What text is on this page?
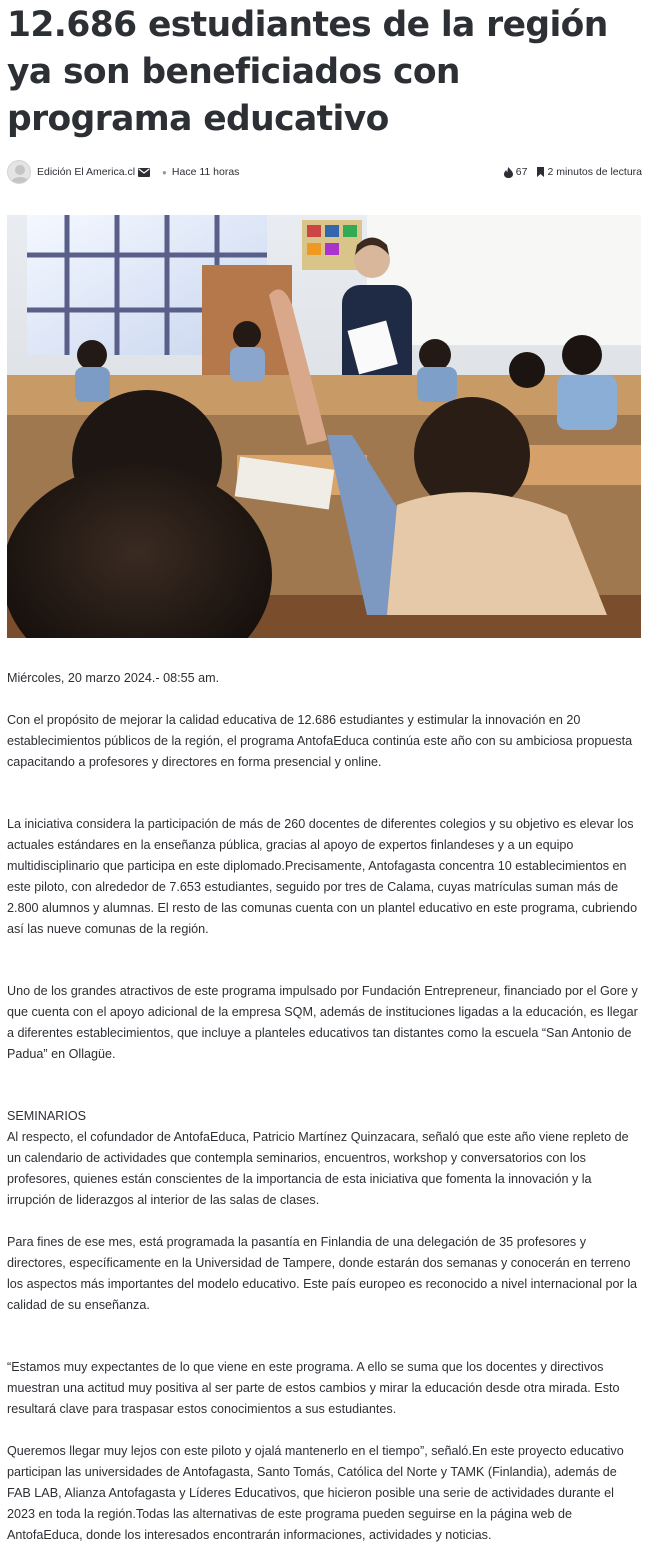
12.686 estudiantes de la región ya son beneficiados con programa educativo
Edición El America.cl	● Hace 11 horas	67 2 minutos de lectura

Miércoles, 20 marzo 2024.- 08:55 am.

Con el propósito de mejorar la calidad educativa de 12.686 estudiantes y estimular la innovación en 20 establecimientos públicos de la región, el programa AntofaEduca continúa este año con su ambiciosa propuesta capacitando a profesores y directores en forma presencial y online.

La iniciativa considera la participación de más de 260 docentes de diferentes colegios y su objetivo es elevar los actuales estándares en la enseñanza pública, gracias al apoyo de expertos finlandeses y a un equipo multidisciplinario que participa en este diplomado.Precisamente, Antofagasta concentra 10 establecimientos en este piloto, con alrededor de 7.653 estudiantes, seguido por tres de Calama, cuyas matrículas suman más de 2.800 alumnos y alumnas. El resto de las comunas cuenta con un plantel educativo en este programa, cubriendo así las nueve comunas de la región.

Uno de los grandes atractivos de este programa impulsado por Fundación Entrepreneur, financiado por el Gore y que cuenta con el apoyo adicional de la empresa SQM, además de instituciones ligadas a la educación, es llegar a diferentes establecimientos, que incluye a planteles educativos tan distantes como la escuela “San Antonio de Padua” en Ollagüe.

SEMINARIOS

Al respecto, el cofundador de AntofaEduca, Patricio Martínez Quinzacara, señaló que este año viene repleto de un calendario de actividades que contempla seminarios, encuentros, workshop y conversatorios con los profesores, quienes están conscientes de la importancia de esta iniciativa que fomenta la innovación y la irrupción de liderazgos al interior de las salas de clases.

Para fines de ese mes, está programada la pasantía en Finlandia de una delegación de 35 profesores y directores, específicamente en la Universidad de Tampere, donde estarán dos semanas y conocerán en terreno los aspectos más importantes del modelo educativo. Este país europeo es reconocido a nivel internacional por la calidad de su enseñanza.

“Estamos muy expectantes de lo que viene en este programa. A ello se suma que los docentes y directivos muestran una actitud muy positiva al ser parte de estos cambios y mirar la educación desde otra mirada. Esto resultará clave para traspasar estos conocimientos a sus estudiantes.

Queremos llegar muy lejos con este piloto y ojalá mantenerlo en el tiempo”, señaló.En este proyecto educativo participan las universidades de Antofagasta, Santo Tomás, Católica del Norte y TAMK (Finlandia), además de FAB LAB, Alianza Antofagasta y Líderes Educativos, que hicieron posible una serie de actividades durante el 2023 en toda la región.Todas las alternativas de este programa pueden seguirse en la página web de AntofaEduca, donde los interesados encontrarán informaciones, actividades y noticias.
